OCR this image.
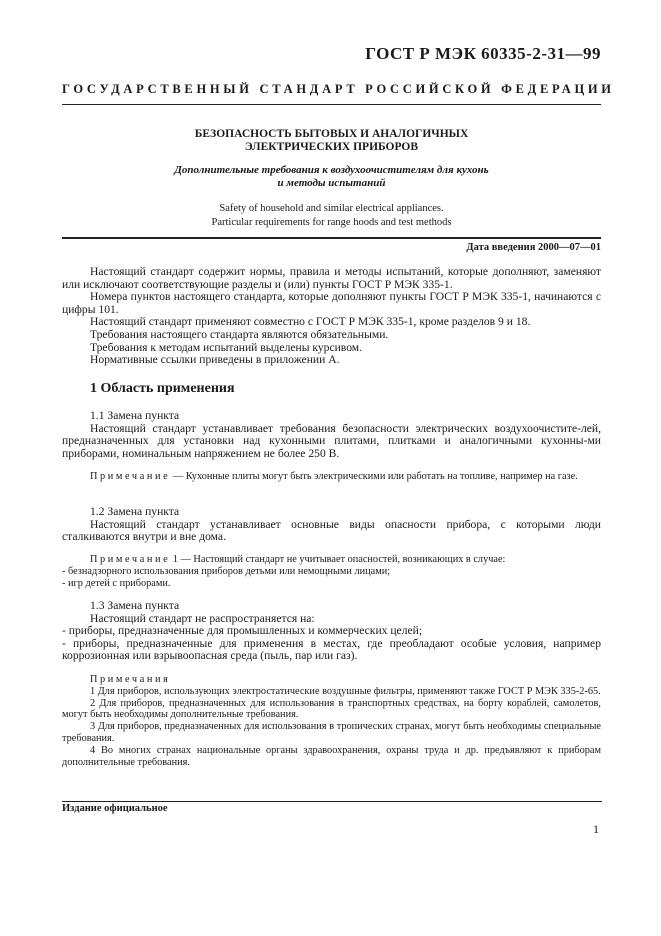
ГОСТ Р МЭК 60335-2-31—99
ГОСУДАРСТВЕННЫЙ СТАНДАРТ РОССИЙСКОЙ ФЕДЕРАЦИИ
БЕЗОПАСНОСТЬ БЫТОВЫХ И АНАЛОГИЧНЫХ
ЭЛЕКТРИЧЕСКИХ ПРИБОРОВ
Дополнительные требования к воздухоочистителям для кухонь
и методы испытаний
Safety of household and similar electrical appliances.
Particular requirements for range hoods and test methods
Дата введения 2000—07—01

Настоящий стандарт содержит нормы, правила и методы испытаний, которые дополняют, заменяют или исключают соответствующие разделы и (или) пункты ГОСТ Р МЭК 335-1.

Номера пунктов настоящего стандарта, которые дополняют пункты ГОСТ Р МЭК 335-1, начинаются с цифры 101.

Настоящий стандарт применяют совместно с ГОСТ Р МЭК 335-1, кроме разделов 9 и 18.

Требования настоящего стандарта являются обязательными.

Требования к методам испытаний выделены курсивом.

Нормативные ссылки приведены в приложении А.

1 Область применения

1.1 Замена пункта

Настоящий стандарт устанавливает требования безопасности электрических воздухоочистите-лей, предназначенных для установки над кухонными плитами, плитками и аналогичными кухонны-ми приборами, номинальным напряжением не более 250 В.

Примечание — Кухонные плиты могут быть электрическими или работать на топливе, например на газе.

1.2 Замена пункта

Настоящий стандарт устанавливает основные виды опасности прибора, с которыми люди сталкиваются внутри и вне дома.

Примечание 1 — Настоящий стандарт не учитывает опасностей, возникающих в случае:

- безнадзорного использования приборов детьми или немощными лицами;

- игр детей с приборами.

1.3 Замена пункта

Настоящий стандарт не распространяется на:

- приборы, предназначенные для промышленных и коммерческих целей;

- приборы, предназначенные для применения в местах, где преобладают особые условия, например коррозионная или взрывоопасная среда (пыль, пар или газ).

Примечания

1 Для приборов, использующих электростатические воздушные фильтры, применяют также ГОСТ Р МЭК 335-2-65.

2 Для приборов, предназначенных для использования в транспортных средствах, на борту кораблей, самолетов, могут быть необходимы дополнительные требования.

3 Для приборов, предназначенных для использования в тропических странах, могут быть необходимы специальные требования.

4 Во многих странах национальные органы здравоохранения, охраны труда и др. предъявляют к приборам дополнительные требования.

Издание официальное
1
